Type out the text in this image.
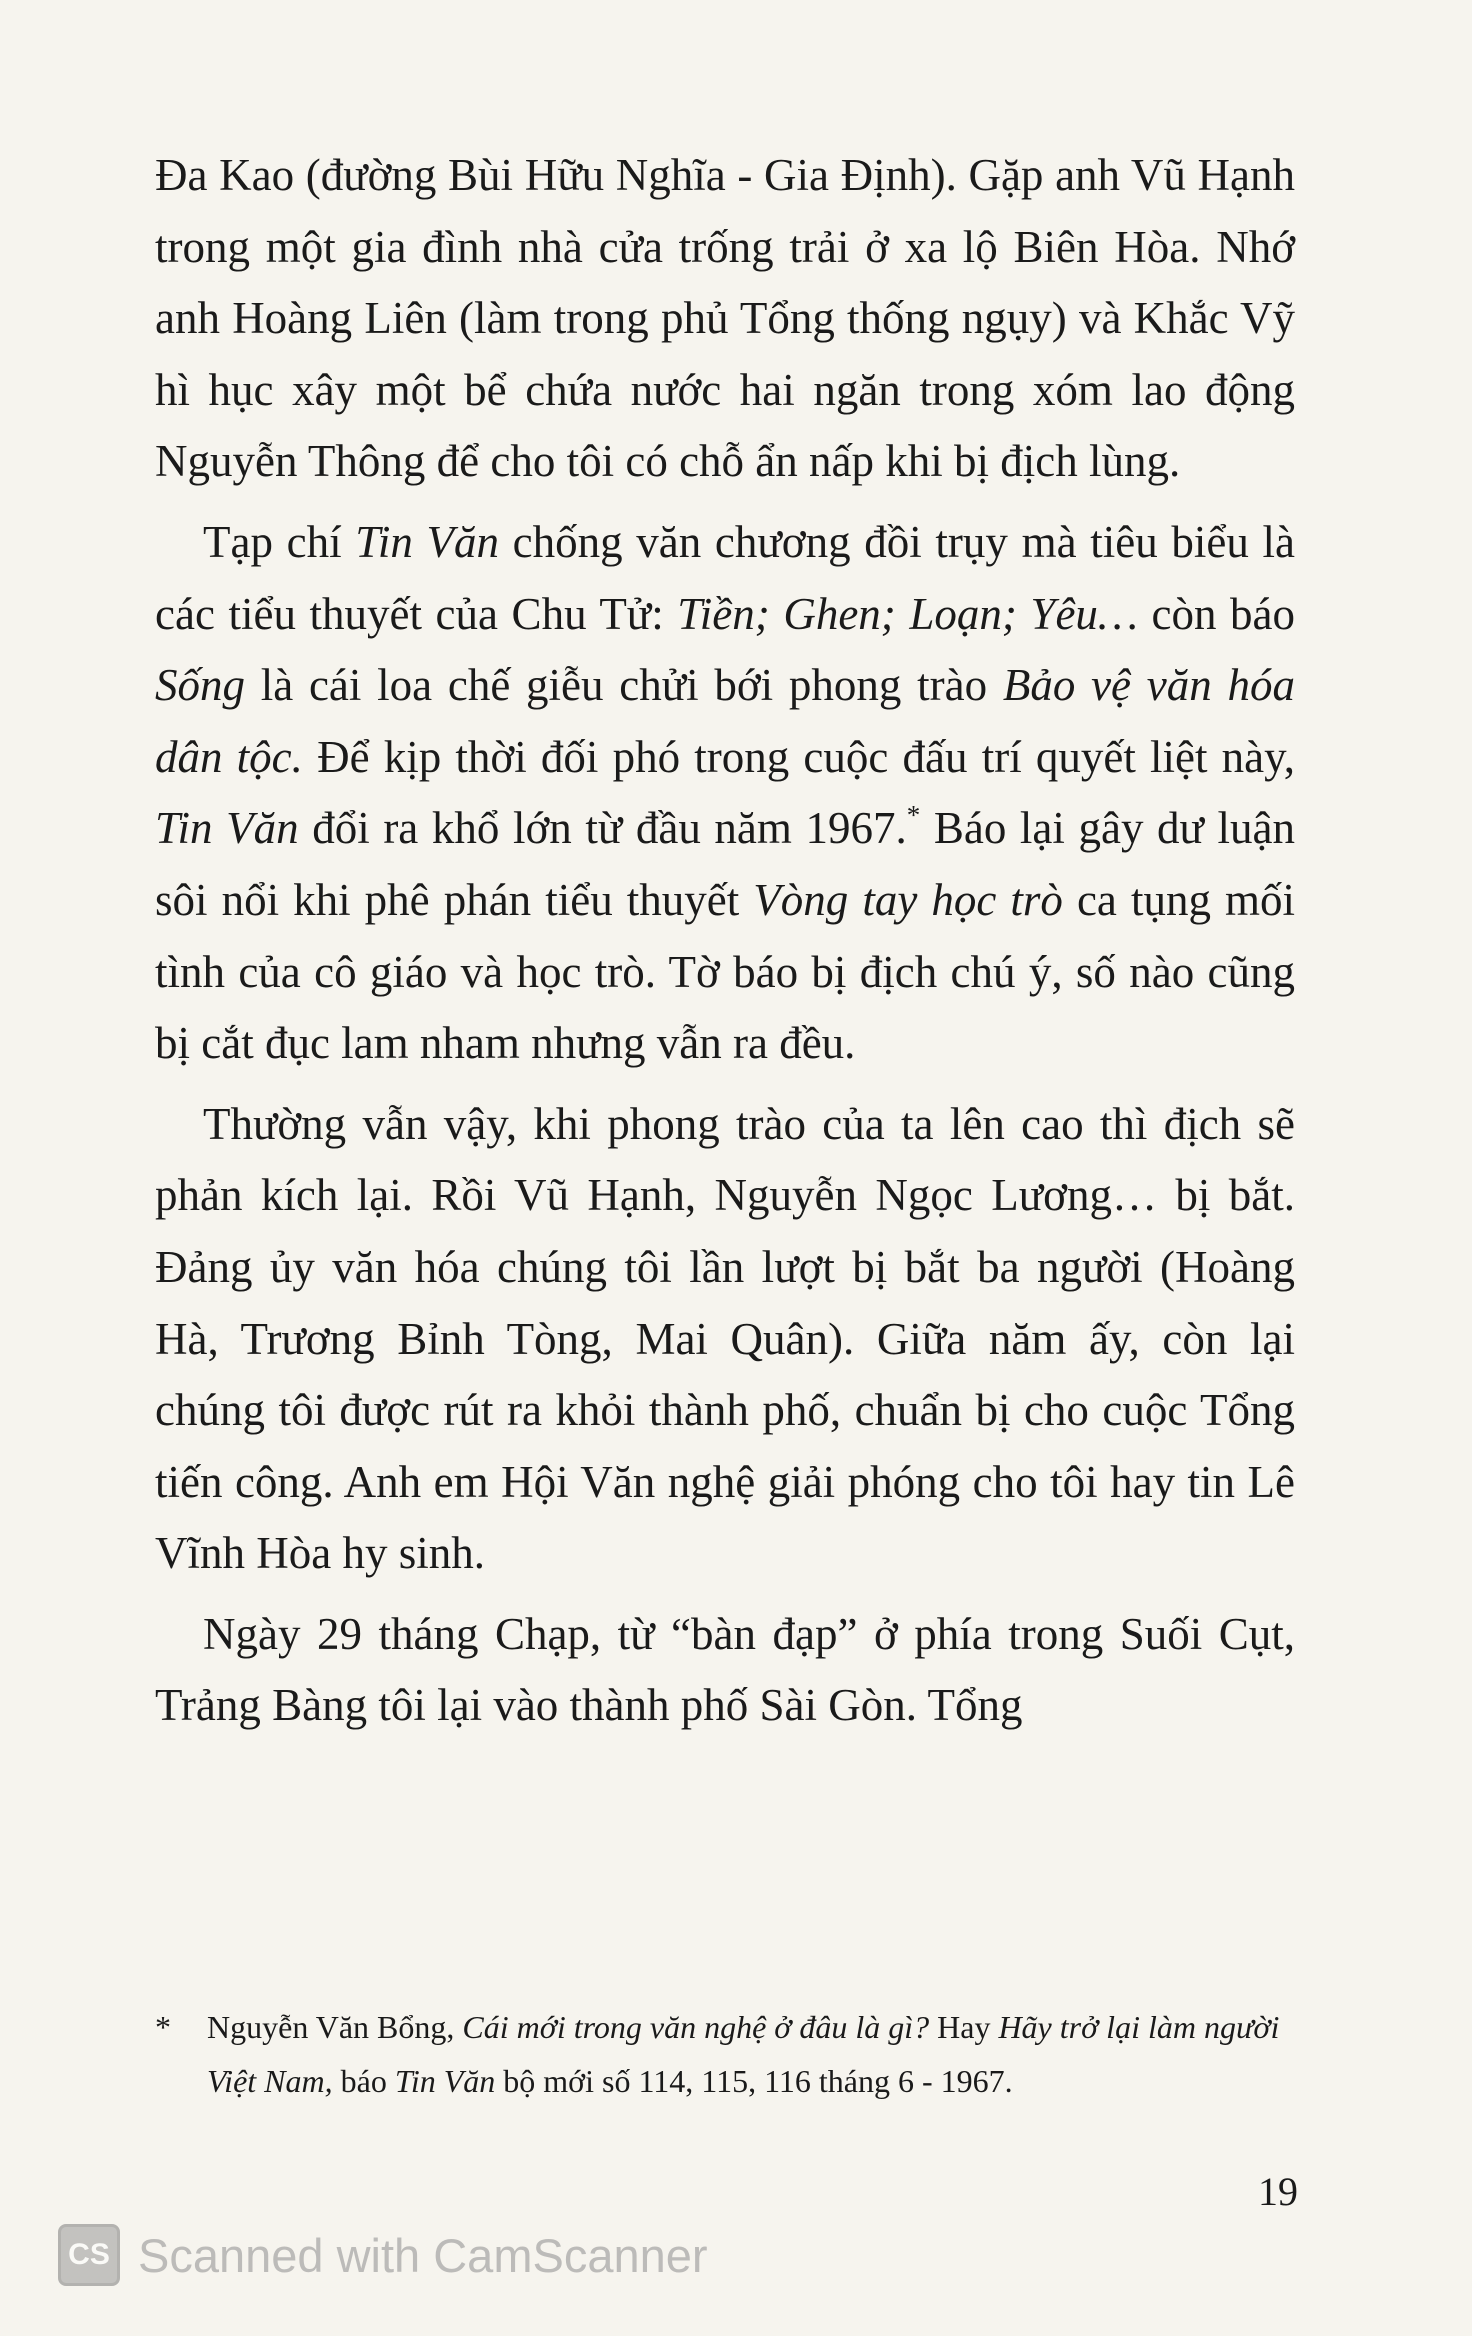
Đa Kao (đường Bùi Hữu Nghĩa - Gia Định). Gặp anh Vũ Hạnh trong một gia đình nhà cửa trống trải ở xa lộ Biên Hòa. Nhớ anh Hoàng Liên (làm trong phủ Tổng thống ngụy) và Khắc Vỹ hì hục xây một bể chứa nước hai ngăn trong xóm lao động Nguyễn Thông để cho tôi có chỗ ẩn nấp khi bị địch lùng.

Tạp chí Tin Văn chống văn chương đồi trụy mà tiêu biểu là các tiểu thuyết của Chu Tử: Tiền; Ghen; Loạn; Yêu… còn báo Sống là cái loa chế giễu chửi bới phong trào Bảo vệ văn hóa dân tộc. Để kịp thời đối phó trong cuộc đấu trí quyết liệt này, Tin Văn đổi ra khổ lớn từ đầu năm 1967.* Báo lại gây dư luận sôi nổi khi phê phán tiểu thuyết Vòng tay học trò ca tụng mối tình của cô giáo và học trò. Tờ báo bị địch chú ý, số nào cũng bị cắt đục lam nham nhưng vẫn ra đều.

Thường vẫn vậy, khi phong trào của ta lên cao thì địch sẽ phản kích lại. Rồi Vũ Hạnh, Nguyễn Ngọc Lương… bị bắt. Đảng ủy văn hóa chúng tôi lần lượt bị bắt ba người (Hoàng Hà, Trương Bỉnh Tòng, Mai Quân). Giữa năm ấy, còn lại chúng tôi được rút ra khỏi thành phố, chuẩn bị cho cuộc Tổng tiến công. Anh em Hội Văn nghệ giải phóng cho tôi hay tin Lê Vĩnh Hòa hy sinh.

Ngày 29 tháng Chạp, từ “bàn đạp” ở phía trong Suối Cụt, Trảng Bàng tôi lại vào thành phố Sài Gòn. Tổng

*	Nguyễn Văn Bổng, Cái mới trong văn nghệ ở đâu là gì? Hay Hãy trở lại làm người Việt Nam, báo Tin Văn bộ mới số 114, 115, 116 tháng 6 - 1967.
19
CS Scanned with CamScanner
